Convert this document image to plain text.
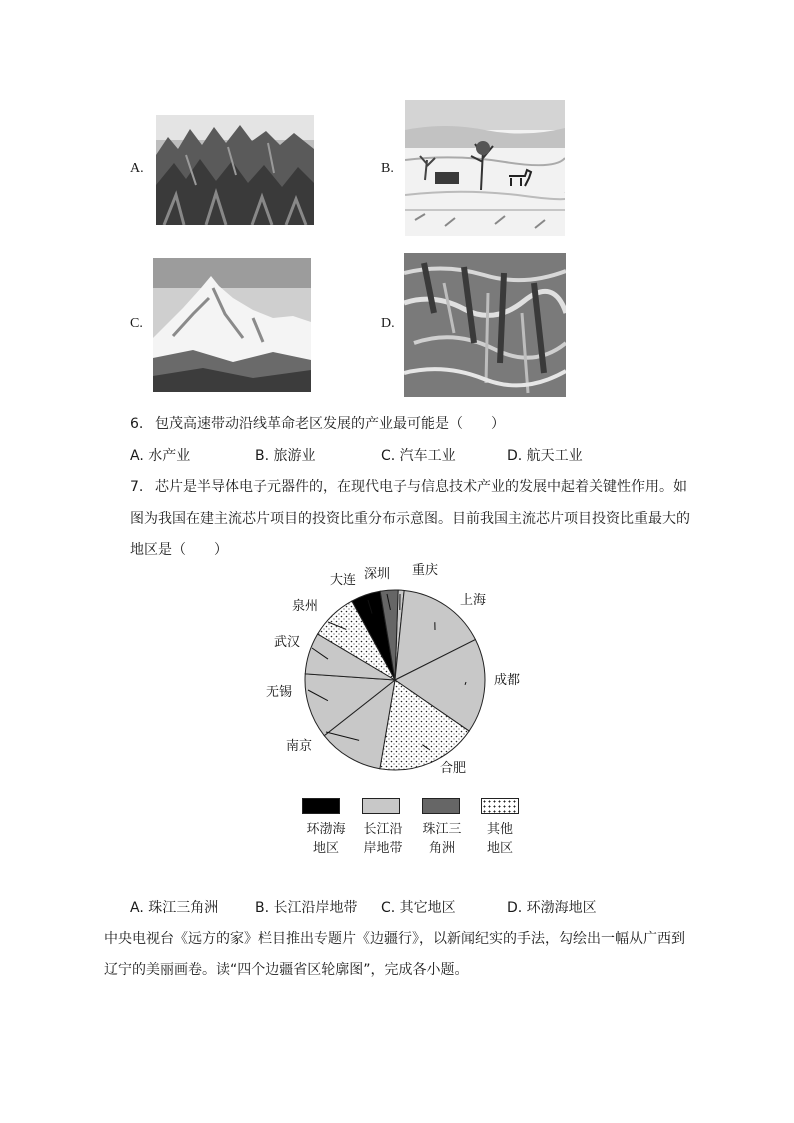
A.	B.
C.	D.
6. 包茂高速带动沿线革命老区发展的产业最可能是（　　）
A. 水产业	B. 旅游业	C. 汽车工业	D. 航天工业
7. 芯片是半导体电子元器件的，在现代电子与信息技术产业的发展中起着关键性作用。如
图为我国在建主流芯片项目的投资比重分布示意图。目前我国主流芯片项目投资比重最大的
地区是（　　）
重庆
上海
成都
合肥
南京
无锡
武汉
泉州
大连 深圳
环渤海
地区
长江沿
岸地带
珠江三
角洲
其他
地区
A. 珠江三角洲	B. 长江沿岸地带 C. 其它地区	D. 环渤海地区
中央电视台《远方的家》栏目推出专题片《边疆行》，以新闻纪实的手法，勾绘出一幅从广西到
辽宁的美丽画卷。读“四个边疆省区轮廓图”，完成各小题。
